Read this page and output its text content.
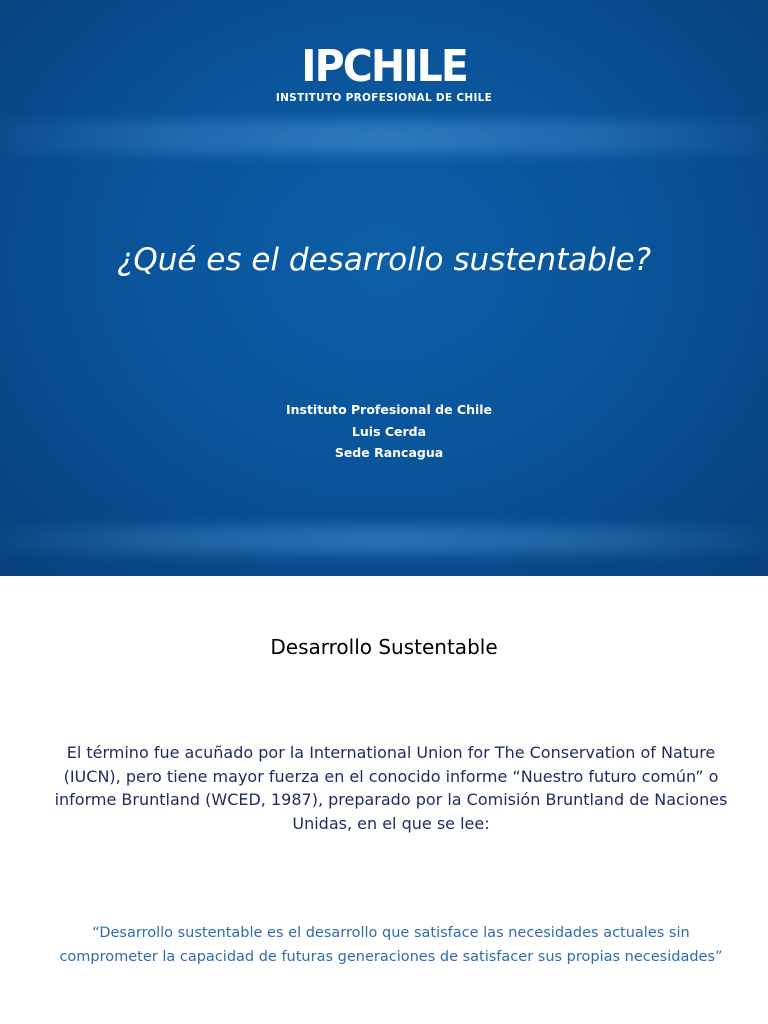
IPCHILE
INSTITUTO PROFESIONAL DE CHILE
¿Qué es el desarrollo sustentable?
Instituto Profesional de Chile
Luis Cerda
Sede Rancagua
Desarrollo Sustentable

El término fue acuñado por la International Union for The Conservation of Nature (IUCN), pero tiene mayor fuerza en el conocido informe “Nuestro futuro común” o informe Bruntland (WCED, 1987), preparado por la Comisión Bruntland de Naciones Unidas, en el que se lee:

“Desarrollo sustentable es el desarrollo que satisface las necesidades actuales sin comprometer la capacidad de futuras generaciones de satisfacer sus propias necesidades”
